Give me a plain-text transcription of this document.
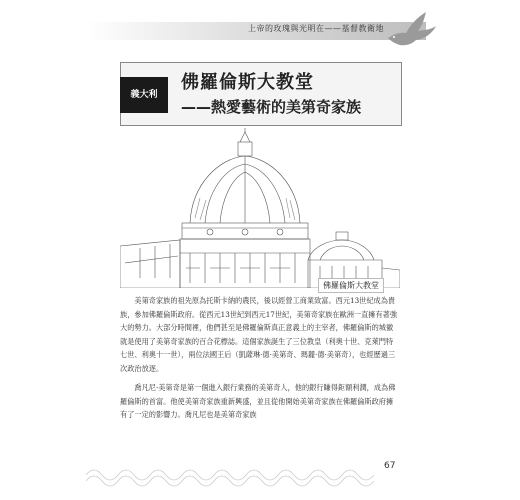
上帝的玫瑰與光明在——基督教衛地
義大利
佛羅倫斯大教堂
——熱愛藝術的美第奇家族
佛羅倫斯大教堂

美第奇家族的祖先原為托斯卡納的農民，後以經營工商業致富。西元13世紀成為貴族，參加佛羅倫斯政府。從西元13世紀到西元17世紀，美第奇家族在歐洲一直擁有著強大的勢力。大部分時間裡，他們甚至是佛羅倫斯真正意義上的主宰者，佛羅倫斯的城徽就是使用了美第奇家族的百合花標誌。這個家族誕生了三位教皇（利奧十世、克萊門特七世、利奧十一世），兩位法國王后（凱薩琳·德·美第奇、瑪麗·德·美第奇），也經歷過三次政治放逐。

喬凡尼·美第奇是第一個進入銀行業務的美第奇人，他的銀行賺得鉅額利潤，成為佛羅倫斯的首富。他使美第奇家族重新興盛，並且從他開始美第奇家族在佛羅倫斯政府擁有了一定的影響力。喬凡尼也是美第奇家族

67
